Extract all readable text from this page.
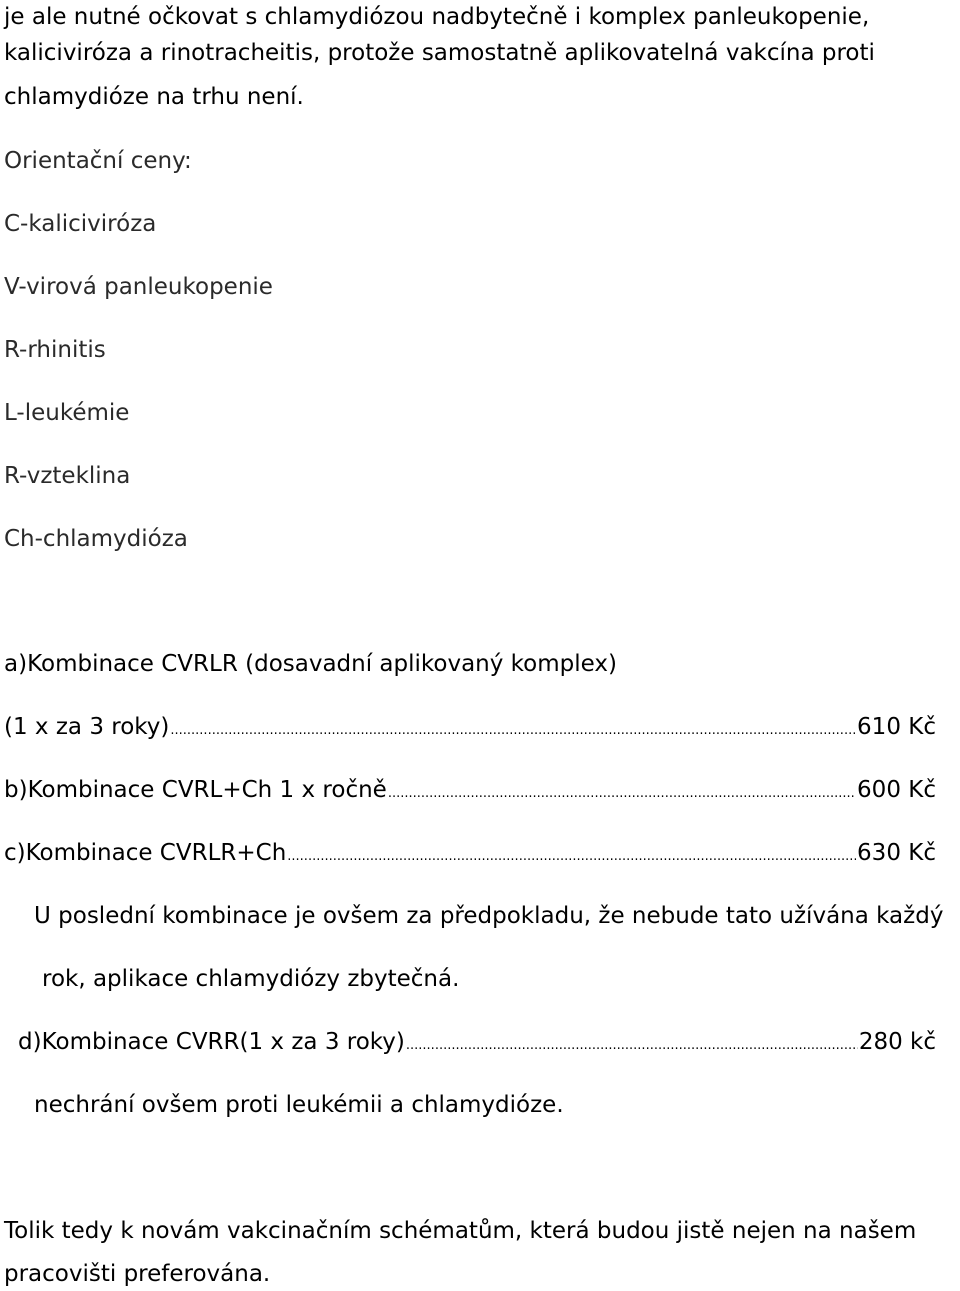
je ale nutné očkovat s chlamydiózou nadbytečně i komplex panleukopenie,
kaliciviróza a rinotracheitis, protože samostatně aplikovatelná vakcína proti
chlamydióze na trhu není.
Orientační ceny:
C-kaliciviróza
V-virová panleukopenie
R-rhinitis
L-leukémie
R-vzteklina
Ch-chlamydióza
a)Kombinace CVRLR (dosavadní aplikovaný komplex)
(1 x za 3 roky) .....	610 Kč
b)Kombinace CVRL+Ch 1 x ročně .....	600 Kč
c)Kombinace CVRLR+Ch .....	630 Kč
U poslední kombinace je ovšem za předpokladu, že nebude tato užívána každý
rok, aplikace chlamydiózy zbytečná.
d)Kombinace CVRR(1 x za 3 roky) .....	280 kč
nechrání ovšem proti leukémii a chlamydióze.
Tolik tedy k novám vakcinačním schématům, která budou jistě nejen na našem
pracovišti preferována.
